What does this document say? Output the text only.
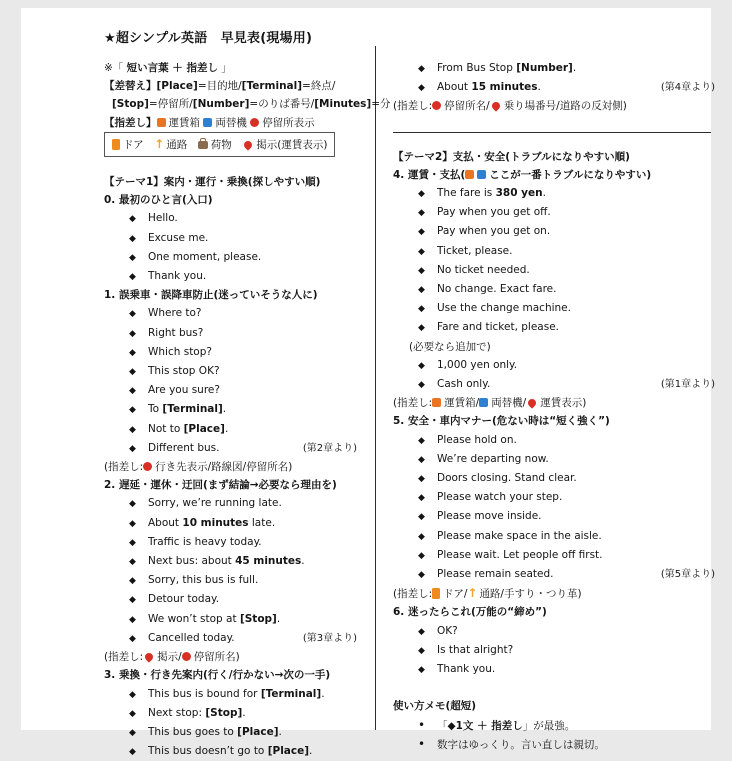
★超シンプル英語　早見表(現場用)
※「 短い言葉 ＋ 指差し 」
【差替え】[Place]=目的地/[Terminal]=終点/
[Stop]=停留所/[Number]=のりば番号/[Minutes]=分
【指差し】 運賃箱 両替機 停留所表示
ドア　↑ 通路　荷物　掲示(運賃表示)
【テーマ1】案内・運行・乗換(探しやすい順)
0. 最初のひと言(入口)
◆	Hello.
◆	Excuse me.
◆	One moment, please.
◆	Thank you.
1. 誤乗車・誤降車防止(迷っていそうな人に)
◆	Where to?
◆	Right bus?
◆	Which stop?
◆	This stop OK?
◆	Are you sure?
◆	To [Terminal].
◆	Not to [Place].
◆	Different bus.	(第2章より)
(指差し: 行き先表示/路線図/停留所名)
2. 遅延・運休・迂回(まず結論→必要なら理由を)
◆	Sorry, we’re running late.
◆	About 10 minutes late.
◆	Traffic is heavy today.
◆	Next bus: about 45 minutes.
◆	Sorry, this bus is full.
◆	Detour today.
◆	We won’t stop at [Stop].
◆	Cancelled today.	(第3章より)
(指差し: 掲示/ 停留所名)
3. 乗換・行き先案内(行く/行かない→次の一手)
◆	This bus is bound for [Terminal].
◆	Next stop: [Stop].
◆	This bus goes to [Place].
◆	This bus doesn’t go to [Place].
◆	From Bus Stop [Number].
◆	About 15 minutes.	(第4章より)
(指差し: 停留所名/ 乗り場番号/道路の反対側)
【テーマ2】支払・安全(トラブルになりやすい順)
4. 運賃・支払( ここが一番トラブルになりやすい)
◆	The fare is 380 yen.
◆	Pay when you get off.
◆	Pay when you get on.
◆	Ticket, please.
◆	No ticket needed.
◆	No change. Exact fare.
◆	Use the change machine.
◆	Fare and ticket, please.
(必要なら追加で)
◆	1,000 yen only.
◆	Cash only.	(第1章より)
(指差し: 運賃箱/ 両替機/ 運賃表示)
5. 安全・車内マナー(危ない時は“短く強く”)
◆	Please hold on.
◆	We’re departing now.
◆	Doors closing. Stand clear.
◆	Please watch your step.
◆	Please move inside.
◆	Please make space in the aisle.
◆	Please wait. Let people off first.
◆	Please remain seated.	(第5章より)
(指差し: ドア/↑ 通路/手すり・つり革)
6. 迷ったらこれ(万能の“締め”)
◆	OK?
◆	Is that alright?
◆	Thank you.
使い方メモ(超短)
•	「◆1文 ＋ 指差し」が最強。
•	数字はゆっくり。言い直しは親切。
